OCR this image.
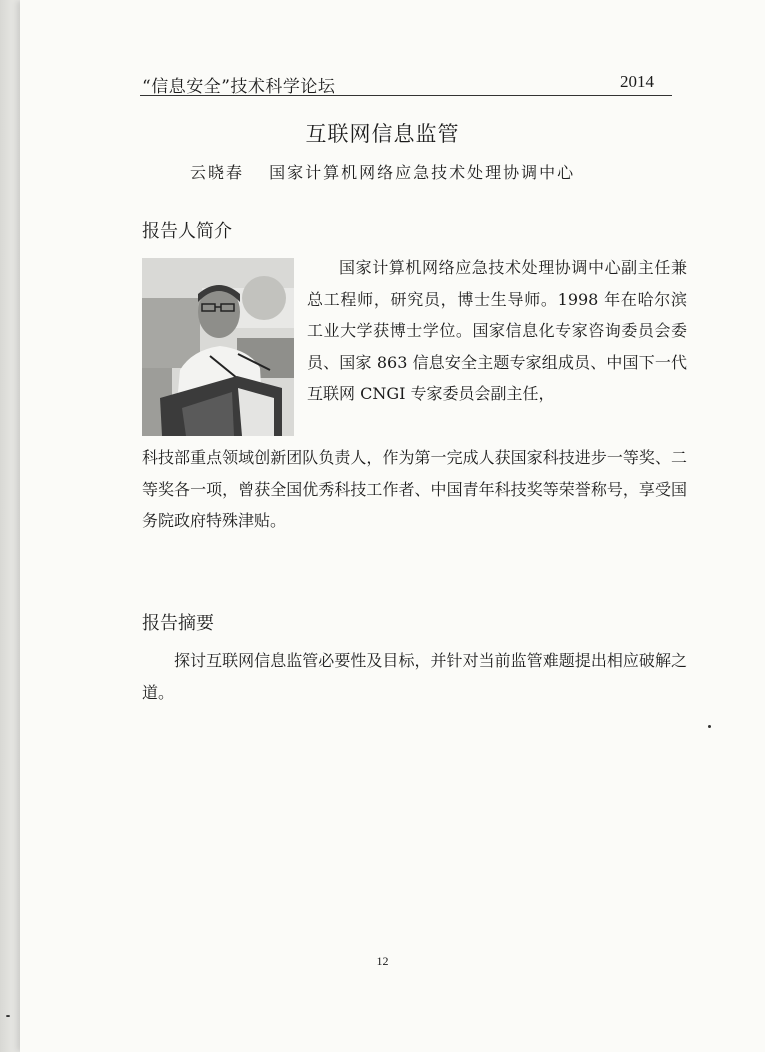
“信息安全”技术科学论坛	2014
互联网信息监管
云晓春 国家计算机网络应急技术处理协调中心
报告人简介
国家计算机网络应急技术处理协调中心副主任兼总工程师，研究员，博士生导师。1998 年在哈尔滨工业大学获博士学位。国家信息化专家咨询委员会委员、国家 863 信息安全主题专家组成员、中国下一代互联网 CNGI 专家委员会副主任，
科技部重点领域创新团队负责人，作为第一完成人获国家科技进步一等奖、二等奖各一项，曾获全国优秀科技工作者、中国青年科技奖等荣誉称号，享受国务院政府特殊津贴。
报告摘要
探讨互联网信息监管必要性及目标，并针对当前监管难题提出相应破解之道。
12
